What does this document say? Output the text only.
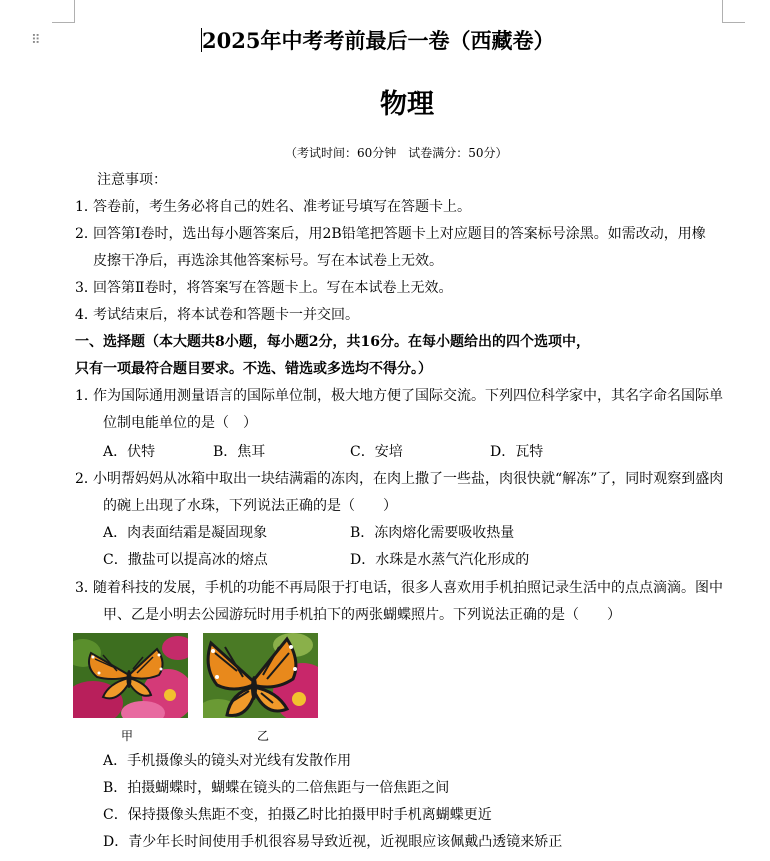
⠿	2025年中考考前最后一卷（西藏卷）
物理
（考试时间：60分钟　试卷满分：50分）
注意事项：
1．
答卷前，考生务必将自己的姓名、准考证号填写在答题卡上。
2．
回答第Ⅰ卷时，选出每小题答案后，用2B铅笔把答题卡上对应题目的答案标号涂黑。如需改动，用橡
皮擦干净后，再选涂其他答案标号。写在本试卷上无效。
3．
回答第Ⅱ卷时，将答案写在答题卡上。写在本试卷上无效。
4．
考试结束后，将本试卷和答题卡一并交回。
一、选择题（本大题共8小题，每小题2分，共16分。在每小题给出的四个选项中，
只有一项最符合题目要求。不选、错选或多选均不得分。）
1．
作为国际通用测量语言的国际单位制，极大地方便了国际交流。下列四位科学家中，其名字命名国际单
位制电能单位的是（　）
A．伏特	B．焦耳	C．安培	D．瓦特
2．
小明帮妈妈从冰箱中取出一块结满霜的冻肉，在肉上撒了一些盐，肉很快就“解冻”了，同时观察到盛肉
的碗上出现了水珠，下列说法正确的是（　　）
A．肉表面结霜是凝固现象	B．冻肉熔化需要吸收热量
C．撒盐可以提高冰的熔点	D．水珠是水蒸气汽化形成的
3．
随着科技的发展，手机的功能不再局限于打电话，很多人喜欢用手机拍照记录生活中的点点滴滴。图中
甲、乙是小明去公园游玩时用手机拍下的两张蝴蝶照片。下列说法正确的是（　　）
甲	乙
A．手机摄像头的镜头对光线有发散作用
B．拍摄蝴蝶时，蝴蝶在镜头的二倍焦距与一倍焦距之间
C．保持摄像头焦距不变，拍摄乙时比拍摄甲时手机离蝴蝶更近
D．青少年长时间使用手机很容易导致近视，近视眼应该佩戴凸透镜来矫正
